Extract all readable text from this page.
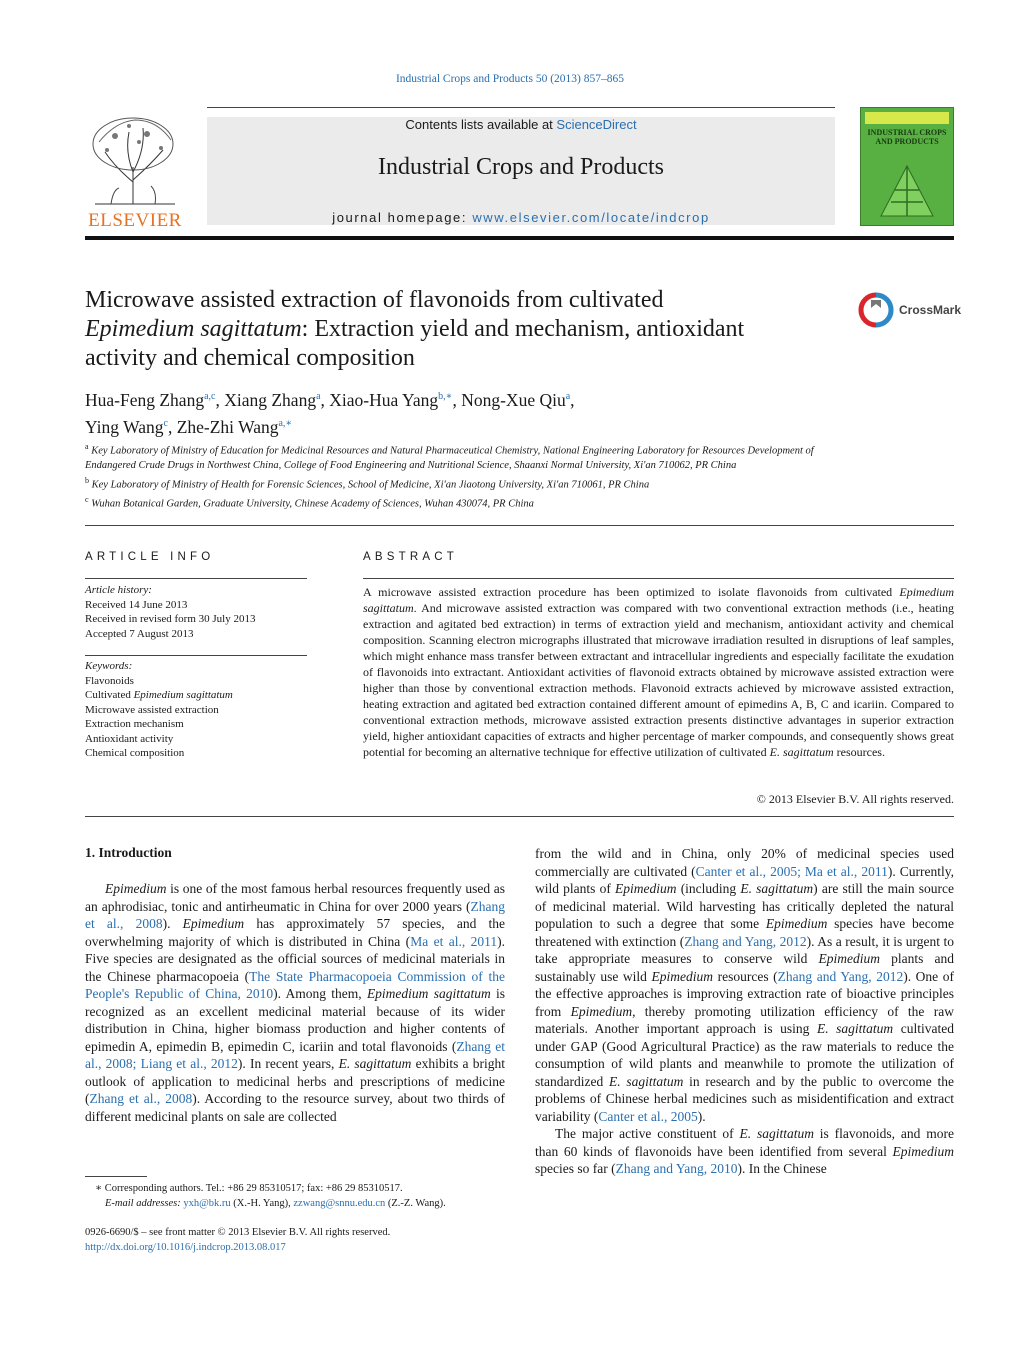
Industrial Crops and Products 50 (2013) 857–865
Contents lists available at ScienceDirect
Industrial Crops and Products
journal homepage: www.elsevier.com/locate/indcrop
ELSEVIER
INDUSTRIAL CROPS AND PRODUCTS
Microwave assisted extraction of flavonoids from cultivated
Epimedium sagittatum: Extraction yield and mechanism, antioxidant
activity and chemical composition
CrossMark
Hua-Feng Zhang$^{a,c}$, Xiang Zhang$^a$, Xiao-Hua Yang$^{b,∗}$, Nong-Xue Qiu$^a$,
Ying Wang$^c$, Zhe-Zhi Wang$^{a,∗}$
$^a$ Key Laboratory of Ministry of Education for Medicinal Resources and Natural Pharmaceutical Chemistry, National Engineering Laboratory for Resources Development of Endangered Crude Drugs in Northwest China, College of Food Engineering and Nutritional Science, Shaanxi Normal University, Xi'an 710062, PR China
$^b$ Key Laboratory of Ministry of Health for Forensic Sciences, School of Medicine, Xi'an Jiaotong University, Xi'an 710061, PR China
$^c$ Wuhan Botanical Garden, Graduate University, Chinese Academy of Sciences, Wuhan 430074, PR China
ARTICLE INFO
Article history:
Received 14 June 2013
Received in revised form 30 July 2013
Accepted 7 August 2013
Keywords:
Flavonoids
Cultivated Epimedium sagittatum
Microwave assisted extraction
Extraction mechanism
Antioxidant activity
Chemical composition
ABSTRACT
A microwave assisted extraction procedure has been optimized to isolate flavonoids from cultivated Epimedium sagittatum. And microwave assisted extraction was compared with two conventional extraction methods (i.e., heating extraction and agitated bed extraction) in terms of extraction yield and mechanism, antioxidant activity and chemical composition. Scanning electron micrographs illustrated that microwave irradiation resulted in disruptions of leaf samples, which might enhance mass transfer between extractant and intracellular ingredients and especially facilitate the exudation of flavonoids into extractant. Antioxidant activities of flavonoid extracts obtained by microwave assisted extraction were higher than those by conventional extraction methods. Flavonoid extracts achieved by microwave assisted extraction, heating extraction and agitated bed extraction contained different amount of epimedins A, B, C and icariin. Compared to conventional extraction methods, microwave assisted extraction presents distinctive advantages in superior extraction yield, higher antioxidant capacities of extracts and higher percentage of marker compounds, and consequently shows great potential for becoming an alternative technique for effective utilization of cultivated E. sagittatum resources.
© 2013 Elsevier B.V. All rights reserved.
1. Introduction

Epimedium is one of the most famous herbal resources frequently used as an aphrodisiac, tonic and antirheumatic in China for over 2000 years (Zhang et al., 2008). Epimedium has approximately 57 species, and the overwhelming majority of which is distributed in China (Ma et al., 2011). Five species are designated as the official sources of medicinal materials in the Chinese pharmacopoeia (The State Pharmacopoeia Commission of the People's Republic of China, 2010). Among them, Epimedium sagittatum is recognized as an excellent medicinal material because of its wider distribution in China, higher biomass production and higher contents of epimedin A, epimedin B, epimedin C, icariin and total flavonoids (Zhang et al., 2008; Liang et al., 2012). In recent years, E. sagittatum exhibits a bright outlook of application to medicinal herbs and prescriptions of medicine (Zhang et al., 2008). According to the resource survey, about two thirds of different medicinal plants on sale are collected

from the wild and in China, only 20% of medicinal species used commercially are cultivated (Canter et al., 2005; Ma et al., 2011). Currently, wild plants of Epimedium (including E. sagittatum) are still the main source of medicinal material. Wild harvesting has critically depleted the natural population to such a degree that some Epimedium species have become threatened with extinction (Zhang and Yang, 2012). As a result, it is urgent to take appropriate measures to conserve wild Epimedium plants and sustainably use wild Epimedium resources (Zhang and Yang, 2012). One of the effective approaches is improving extraction rate of bioactive principles from Epimedium, thereby promoting utilization efficiency of the raw materials. Another important approach is using E. sagittatum cultivated under GAP (Good Agricultural Practice) as the raw materials to reduce the consumption of wild plants and meanwhile to promote the utilization of standardized E. sagittatum in research and by the public to overcome the problems of Chinese herbal medicines such as misidentification and extract variability (Canter et al., 2005).

The major active constituent of E. sagittatum is flavonoids, and more than 60 kinds of flavonoids have been identified from several Epimedium species so far (Zhang and Yang, 2010). In the Chinese

∗ Corresponding authors. Tel.: +86 29 85310517; fax: +86 29 85310517.
E-mail addresses: yxh@bk.ru (X.-H. Yang), zzwang@snnu.edu.cn (Z.-Z. Wang).
0926-6690/$ – see front matter © 2013 Elsevier B.V. All rights reserved.
http://dx.doi.org/10.1016/j.indcrop.2013.08.017
